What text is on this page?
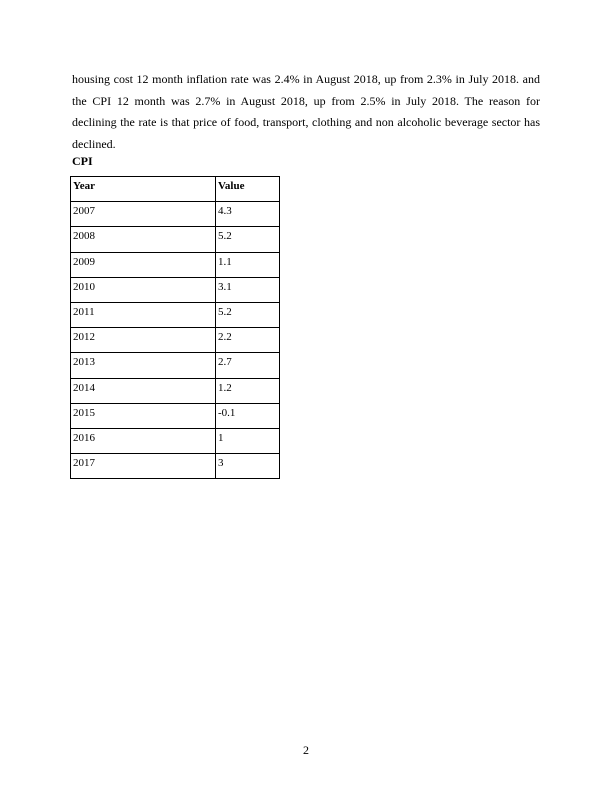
housing cost 12 month inflation rate was 2.4% in August 2018, up from 2.3% in July 2018. and the CPI 12 month was 2.7% in August 2018, up from 2.5% in July 2018. The reason for declining the rate is that price of food, transport, clothing and non alcoholic beverage sector has declined.

CPI

Year	Value
2007	4.3
2008	5.2
2009	1.1
2010	3.1
2011	5.2
2012	2.2
2013	2.7
2014	1.2
2015	-0.1
2016	1
2017	3
2
